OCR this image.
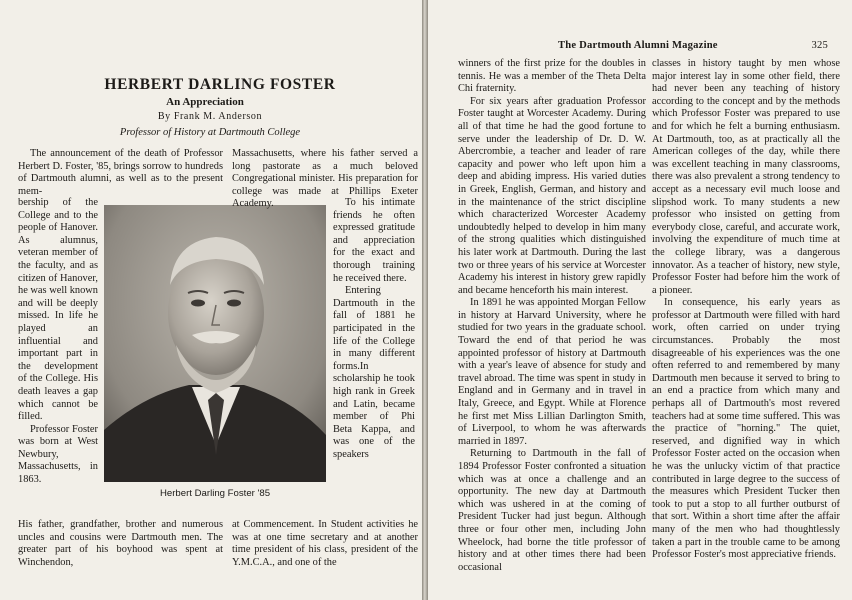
HERBERT DARLING FOSTER
An Appreciation
By Frank M. Anderson
Professor of History at Dartmouth College

The announcement of the death of Professor Herbert D. Foster, '85, brings sorrow to hundreds of Dartmouth alumni, as well as to the present mem-

bership of the College and to the people of Hanover. As alumnus, veteran member of the faculty, and as citizen of Hanover, he was well known and will be deeply missed. In life he played an influential and important part in the development of the College. His death leaves a gap which cannot be filled.

Professor Foster was born at West Newbury, Massachusetts, in 1863.

His father, grandfather, brother and numerous uncles and cousins were Dartmouth men. The greater part of his boyhood was spent at Winchendon,

Herbert Darling Foster '85

Massachusetts, where his father served a long pastorate as a much beloved Congregational minister. His preparation for college was made at Phillips Exeter Academy.	To his intimate friends he often expressed gratitude and appreciation for the exact and thorough training he received there.

Entering Dartmouth in the fall of 1881 he participated in the life of the College in many different forms.In scholarship he took high rank in Greek and Latin, became member of Phi Beta Kappa, and was one of the speakers

at Commencement. In Student activities he was at one time secretary and at another time president of his class, president of the Y.M.C.A., and one of the

The Dartmouth Alumni Magazine	325

winners of the first prize for the doubles in tennis. He was a member of the Theta Delta Chi fraternity.

For six years after graduation Professor Foster taught at Worcester Academy. During all of that time he had the good fortune to serve under the leadership of Dr. D. W. Abercrombie, a teacher and leader of rare capacity and power who left upon him a deep and abiding impress. His varied duties in Greek, English, German, and history and in the maintenance of the strict discipline which characterized Worcester Academy undoubtedly helped to develop in him many of the strong qualities which distinguished his later work at Dartmouth. During the last two or three years of his service at Worcester Academy his interest in history grew rapidly and became henceforth his main interest.

In 1891 he was appointed Morgan Fellow in history at Harvard University, where he studied for two years in the graduate school. Toward the end of that period he was appointed professor of history at Dartmouth with a year's leave of absence for study and travel abroad. The time was spent in study in England and in Germany and in travel in Italy, Greece, and Egypt. While at Florence he first met Miss Lillian Darlington Smith, of Liverpool, to whom he was afterwards married in 1897.

Returning to Dartmouth in the fall of 1894 Professor Foster confronted a situation which was at once a challenge and an opportunity. The new day at Dartmouth which was ushered in at the coming of President Tucker had just begun. Although three or four other men, including John Wheelock, had borne the title professor of history and at other times there had been occasional

classes in history taught by men whose major interest lay in some other field, there had never been any teaching of history according to the concept and by the methods which Professor Foster was prepared to use and for which he felt a burning enthusiasm. At Dartmouth, too, as at practically all the American colleges of the day, while there was excellent teaching in many classrooms, there was also prevalent a strong tendency to accept as a necessary evil much loose and slipshod work. To many students a new professor who insisted on getting from everybody close, careful, and accurate work, involving the expenditure of much time at the college library, was a dangerous innovator. As a teacher of history, new style, Professor Foster had before him the work of a pioneer.

In consequence, his early years as professor at Dartmouth were filled with hard work, often carried on under trying circumstances. Probably the most disagreeable of his experiences was the one often referred to and remembered by many Dartmouth men because it served to bring to an end a practice from which many and perhaps all of Dartmouth's most revered teachers had at some time suffered. This was the practice of "horning." The quiet, reserved, and dignified way in which Professor Foster acted on the occasion when he was the unlucky victim of that practice contributed in large degree to the success of the measures which President Tucker then took to put a stop to all further outburst of that sort. Within a short time after the affair many of the men who had thoughtlessly taken a part in the trouble came to be among Professor Foster's most appreciative friends.
